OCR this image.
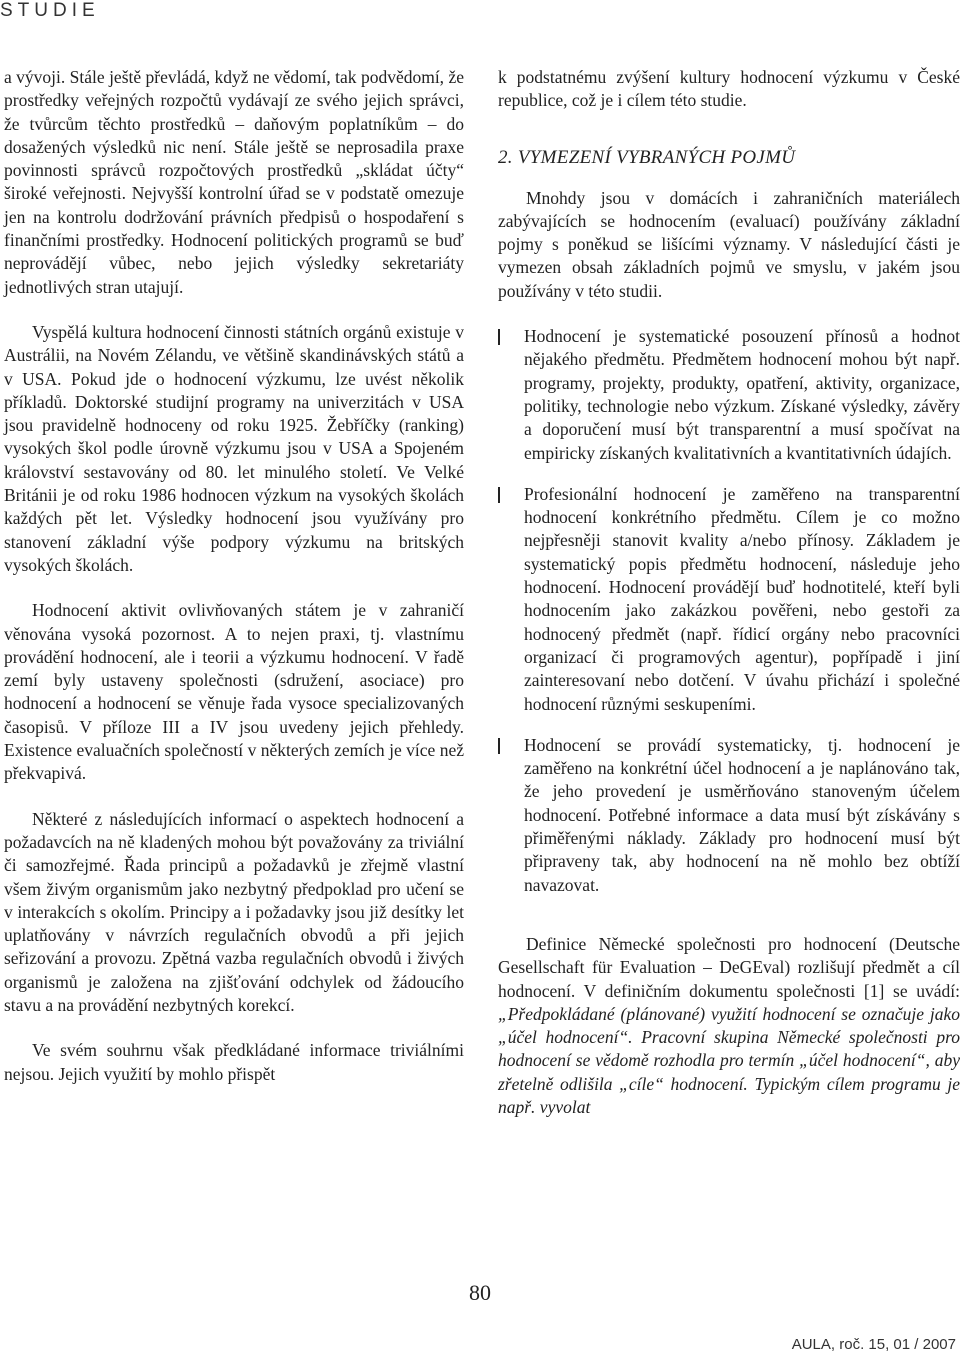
STUDIE

a vývoji. Stále ještě převládá, když ne vědomí, tak podvědomí, že prostředky veřejných rozpočtů vydávají ze svého jejich správci, že tvůrcům těchto prostředků – daňovým poplatníkům – do dosažených výsledků nic není. Stále ještě se neprosadila praxe povinnosti správců rozpočtových prostředků „skládat účty“ široké veřejnosti. Nejvyšší kontrolní úřad se v podstatě omezuje jen na kontrolu dodržování právních předpisů o hospodaření s finančními prostředky. Hodnocení politických programů se buď neprovádějí vůbec, nebo jejich výsledky sekretariáty jednotlivých stran utajují.

Vyspělá kultura hodnocení činnosti státních orgánů existuje v Austrálii, na Novém Zélandu, ve většině skandinávských států a v USA. Pokud jde o hodnocení výzkumu, lze uvést několik příkladů. Doktorské studijní programy na univerzitách v USA jsou pravidelně hodnoceny od roku 1925. Žebříčky (ranking) vysokých škol podle úrovně výzkumu jsou v USA a Spojeném království sestavovány od 80. let minulého století. Ve Velké Británii je od roku 1986 hodnocen výzkum na vysokých školách každých pět let. Výsledky hodnocení jsou využívány pro stanovení základní výše podpory výzkumu na britských vysokých školách.

Hodnocení aktivit ovlivňovaných státem je v zahraničí věnována vysoká pozornost. A to nejen praxi, tj. vlastnímu provádění hodnocení, ale i teorii a výzkumu hodnocení. V řadě zemí byly ustaveny společnosti (sdružení, asociace) pro hodnocení a hodnocení se věnuje řada vysoce specializovaných časopisů. V příloze III a IV jsou uvedeny jejich přehledy. Existence evaluačních společností v některých zemích je více než překvapivá.

Některé z následujících informací o aspektech hodnocení a požadavcích na ně kladených mohou být považovány za triviální či samozřejmé. Řada principů a požadavků je zřejmě vlastní všem živým organismům jako nezbytný předpoklad pro učení se v interakcích s okolím. Principy a i požadavky jsou již desítky let uplatňovány v návrzích regulačních obvodů a při jejich seřizování a provozu. Zpětná vazba regulačních obvodů i živých organismů je založena na zjišťování odchylek od žádoucího stavu a na provádění nezbytných korekcí.

Ve svém souhrnu však předkládané informace triviálními nejsou. Jejich využití by mohlo přispět

k podstatnému zvýšení kultury hodnocení výzkumu v České republice, což je i cílem této studie.

2. VYMEZENÍ VYBRANÝCH POJMŮ

Mnohdy jsou v domácích i zahraničních materiálech zabývajících se hodnocením (evaluací) používány základní pojmy s poněkud se lišícími významy. V následující části je vymezen obsah základních pojmů ve smyslu, v jakém jsou používány v této studii.

Hodnocení je systematické posouzení přínosů a hodnot nějakého předmětu. Předmětem hodnocení mohou být např. programy, projekty, produkty, opatření, aktivity, organizace, politiky, technologie nebo výzkum. Získané výsledky, závěry a doporučení musí být transparentní a musí spočívat na empiricky získaných kvalitativních a kvantitativních údajích.

Profesionální hodnocení je zaměřeno na transparentní hodnocení konkrétního předmětu. Cílem je co možno nejpřesněji stanovit kvality a/nebo přínosy. Základem je systematický popis předmětu hodnocení, následuje jeho hodnocení. Hodnocení provádějí buď hodnotitelé, kteří byli hodnocením jako zakázkou pověřeni, nebo gestoři za hodnocený předmět (např. řídicí orgány nebo pracovníci organizací či programových agentur), popřípadě i jiní zainteresovaní nebo dotčení. V úvahu přichází i společné hodnocení různými seskupeními.

Hodnocení se provádí systematicky, tj. hodnocení je zaměřeno na konkrétní účel hodnocení a je naplánováno tak, že jeho provedení je usměrňováno stanoveným účelem hodnocení. Potřebné informace a data musí být získávány s přiměřenými náklady. Základy pro hodnocení musí být připraveny tak, aby hodnocení na ně mohlo bez obtíží navazovat.

Definice Německé společnosti pro hodnocení (Deutsche Gesellschaft für Evaluation – DeGEval) rozlišují předmět a cíl hodnocení. V definičním dokumentu společnosti [1] se uvádí: „Předpokládané (plánované) využití hodnocení se označuje jako „účel hodnocení“. Pracovní skupina Německé společnosti pro hodnocení se vědomě rozhodla pro termín „účel hodnocení“, aby zřetelně odlišila „cíle“ hodnocení. Typickým cílem programu je např. vyvolat

80
AULA, roč. 15, 01 / 2007
